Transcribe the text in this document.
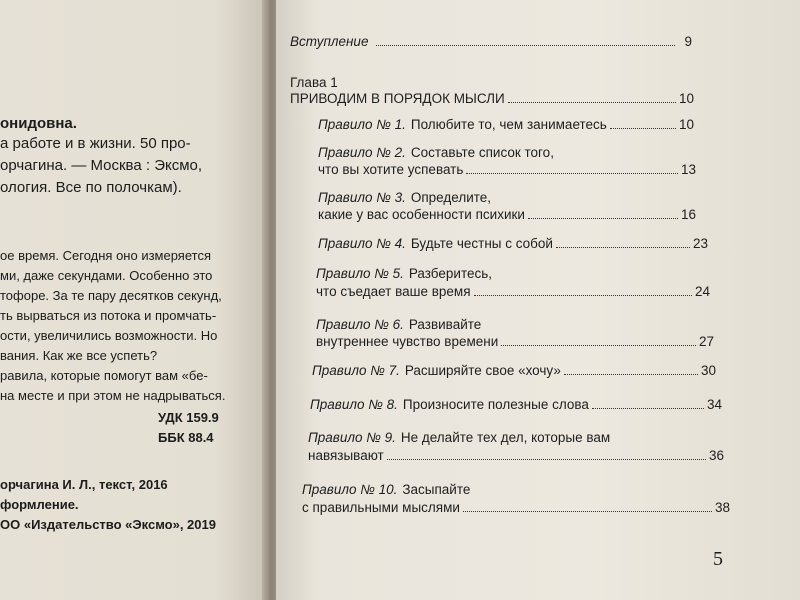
онидовна.
а работе и в жизни. 50 про-
орчагина. — Москва : Эксмо,
ология. Все по полочкам).
ое время. Сегодня оно измеряется
ми, даже секундами. Особенно это
тофоре. За те пару десятков секунд,
ть вырваться из потока и промчать-
ости, увеличились возможности. Но
вания. Как же все успеть?
равила, которые помогут вам «бе-
на месте и при этом не надрываться.
УДК 159.9
ББК 88.4
орчагина И. Л., текст, 2016
формление.
ОО «Издательство «Эксмо», 2019
Вступление	9
Глава 1
ПРИВОДИМ В ПОРЯДОК МЫСЛИ	10
Правило № 1. Полюбите то, чем занимаетесь	10
Правило № 2. Составьте список того,
что вы хотите успевать	13
Правило № 3. Определите,
какие у вас особенности психики	16
Правило № 4. Будьте честны с собой	23
Правило № 5. Разберитесь,
что съедает ваше время	24
Правило № 6. Развивайте
внутреннее чувство времени	27
Правило № 7. Расширяйте свое «хочу»	30
Правило № 8. Произносите полезные слова	34
Правило № 9. Не делайте тех дел, которые вам
навязывают	36
Правило № 10. Засыпайте
с правильными мыслями	38
5
